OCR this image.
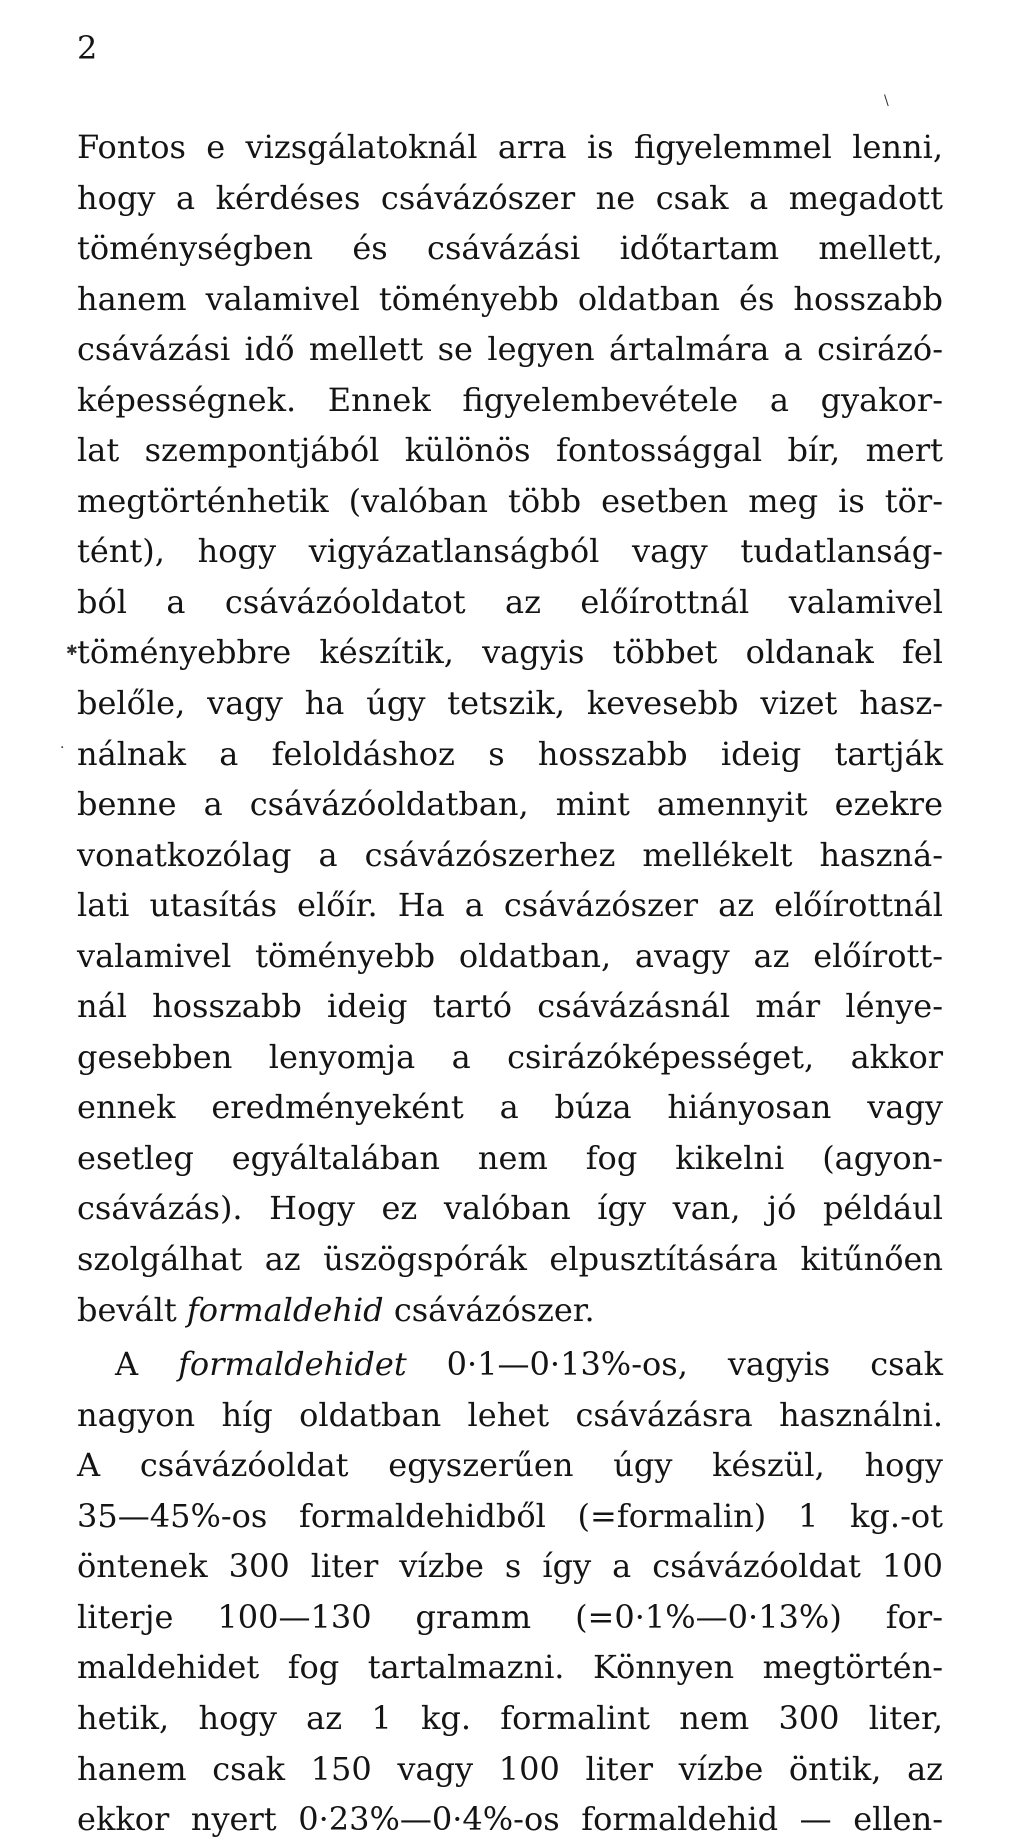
2
✱
·
\
Fontos e vizsgálatoknál arra is figyelemmel lenni,
hogy a kérdéses csávázószer ne csak a megadott
töménységben és csávázási időtartam mellett,
hanem valamivel töményebb oldatban és hosszabb
csávázási idő mellett se legyen ártalmára a csirázó-
képességnek. Ennek figyelembevétele a gyakor-
lat szempontjából különös fontossággal bír, mert
megtörténhetik (valóban több esetben meg is tör-
tént), hogy vigyázatlanságból vagy tudatlanság-
ból a csávázóoldatot az előírottnál valamivel
töményebbre készítik, vagyis többet oldanak fel
belőle, vagy ha úgy tetszik, kevesebb vizet hasz-
nálnak a feloldáshoz s hosszabb ideig tartják
benne a csávázóoldatban, mint amennyit ezekre
vonatkozólag a csávázószerhez mellékelt haszná-
lati utasítás előír. Ha a csávázószer az előírottnál
valamivel töményebb oldatban, avagy az előírott-
nál hosszabb ideig tartó csávázásnál már lénye-
gesebben lenyomja a csirázóképességet, akkor
ennek eredményeként a búza hiányosan vagy
esetleg egyáltalában nem fog kikelni (agyon-
csávázás). Hogy ez valóban így van, jó például
szolgálhat az üszögspórák elpusztítására kitűnően
bevált formaldehid csávázószer.
A formaldehidet 0·1—0·13%-os, vagyis csak
nagyon híg oldatban lehet csávázásra használni.
A csávázóoldat egyszerűen úgy készül, hogy
35—45%-os formaldehidből (=formalin) 1 kg.-ot
öntenek 300 liter vízbe s így a csávázóoldat 100
literje 100—130 gramm (=0·1%—0·13%) for-
maldehidet fog tartalmazni. Könnyen megtörtén-
hetik, hogy az 1 kg. formalint nem 300 liter,
hanem csak 150 vagy 100 liter vízbe öntik, az
ekkor nyert 0·23%—0·4%-os formaldehid — ellen-
